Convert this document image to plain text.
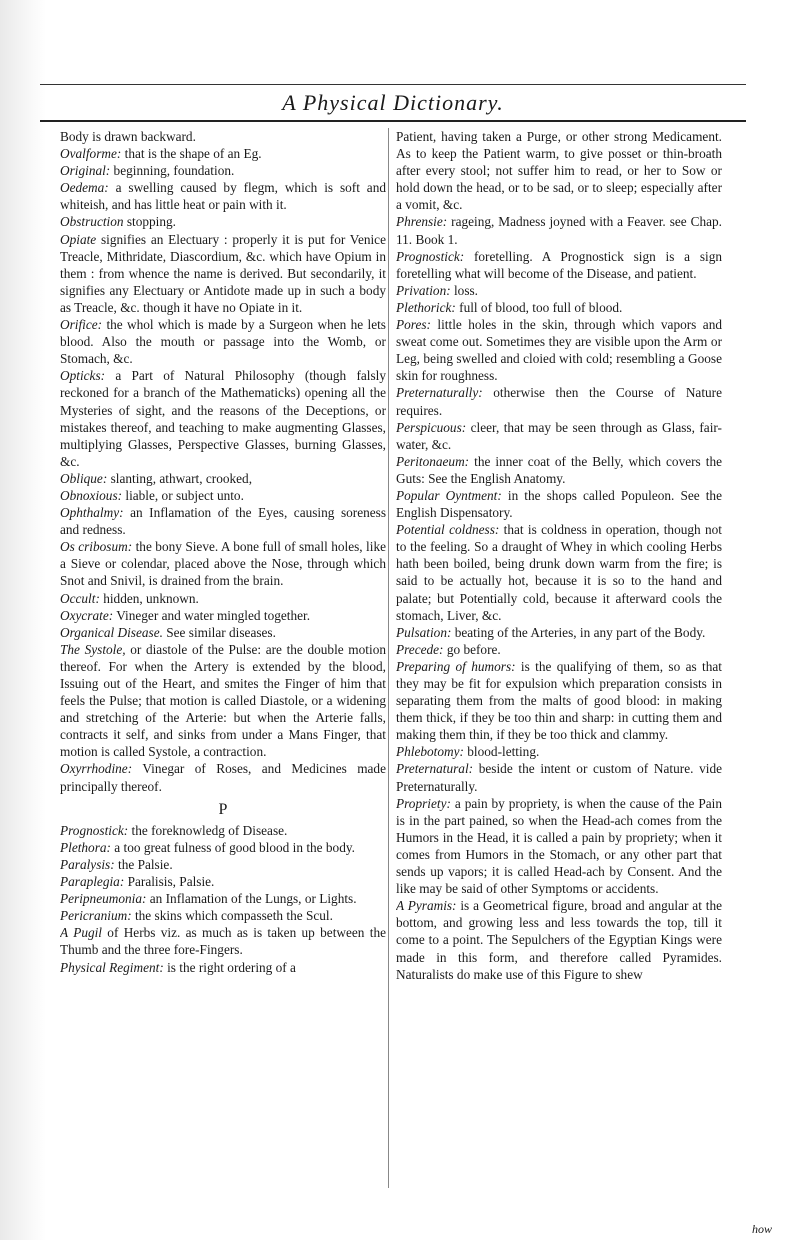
A Physical Dictionary.

Body is drawn backward.

Ovalforme: that is the shape of an Eg.

Original: beginning, foundation.

Oedema: a swelling caused by flegm, which is soft and whiteish, and has little heat or pain with it.

Obstruction stopping.

Opiate signifies an Electuary : properly it is put for Venice Treacle, Mithridate, Diascordium, &c. which have Opium in them : from whence the name is derived. But secondarily, it signifies any Electuary or Antidote made up in such a body as Treacle, &c. though it have no Opiate in it.

Orifice: the whol which is made by a Surgeon when he lets blood. Also the mouth or passage into the Womb, or Stomach, &c.

Opticks: a Part of Natural Philosophy (though falsly reckoned for a branch of the Mathematicks) opening all the Mysteries of sight, and the reasons of the Deceptions, or mistakes thereof, and teaching to make augmenting Glasses, multiplying Glasses, Perspective Glasses, burning Glasses, &c.

Oblique: slanting, athwart, crooked,

Obnoxious: liable, or subject unto.

Ophthalmy: an Inflamation of the Eyes, causing soreness and redness.

Os cribosum: the bony Sieve. A bone full of small holes, like a Sieve or colendar, placed above the Nose, through which Snot and Snivil, is drained from the brain.

Occult: hidden, unknown.

Oxycrate: Vineger and water mingled together.

Organical Disease. See similar diseases.

The Systole, or diastole of the Pulse: are the double motion thereof. For when the Artery is extended by the blood, Issuing out of the Heart, and smites the Finger of him that feels the Pulse; that motion is called Diastole, or a widening and stretching of the Arterie: but when the Arterie falls, contracts it self, and sinks from under a Mans Finger, that motion is called Systole, a contraction.

Oxyrrhodine: Vinegar of Roses, and Medicines made principally thereof.

P

Prognostick: the foreknowledg of Disease.

Plethora: a too great fulness of good blood in the body.

Paralysis: the Palsie.

Paraplegia: Paralisis, Palsie.

Peripneumonia: an Inflamation of the Lungs, or Lights.

Pericranium: the skins which compasseth the Scul.

A Pugil of Herbs viz. as much as is taken up between the Thumb and the three fore-Fingers.

Physical Regiment: is the right ordering of a

Patient, having taken a Purge, or other strong Medicament. As to keep the Patient warm, to give posset or thin-broath after every stool; not suffer him to read, or her to Sow or hold down the head, or to be sad, or to sleep; especially after a vomit, &c.

Phrensie: rageing, Madness joyned with a Feaver. see Chap. 11. Book 1.

Prognostick: foretelling. A Prognostick sign is a sign foretelling what will become of the Disease, and patient.

Privation: loss.

Plethorick: full of blood, too full of blood.

Pores: little holes in the skin, through which vapors and sweat come out. Sometimes they are visible upon the Arm or Leg, being swelled and cloied with cold; resembling a Goose skin for roughness.

Preternaturally: otherwise then the Course of Nature requires.

Perspicuous: cleer, that may be seen through as Glass, fair-water, &c.

Peritonaeum: the inner coat of the Belly, which covers the Guts: See the English Anatomy.

Popular Oyntment: in the shops called Populeon. See the English Dispensatory.

Potential coldness: that is coldness in operation, though not to the feeling. So a draught of Whey in which cooling Herbs hath been boiled, being drunk down warm from the fire; is said to be actually hot, because it is so to the hand and palate; but Potentially cold, because it afterward cools the stomach, Liver, &c.

Pulsation: beating of the Arteries, in any part of the Body.

Precede: go before.

Preparing of humors: is the qualifying of them, so as that they may be fit for expulsion which preparation consists in separating them from the malts of good blood: in making them thick, if they be too thin and sharp: in cutting them and making them thin, if they be too thick and clammy.

Phlebotomy: blood-letting.

Preternatural: beside the intent or custom of Nature. vide Preternaturally.

Propriety: a pain by propriety, is when the cause of the Pain is in the part pained, so when the Head-ach comes from the Humors in the Head, it is called a pain by propriety; when it comes from Humors in the Stomach, or any other part that sends up vapors; it is called Head-ach by Consent. And the like may be said of other Symptoms or accidents.

A Pyramis: is a Geometrical figure, broad and angular at the bottom, and growing less and less towards the top, till it come to a point. The Sepulchers of the Egyptian Kings were made in this form, and therefore called Pyramides. Naturalists do make use of this Figure to shew

how
